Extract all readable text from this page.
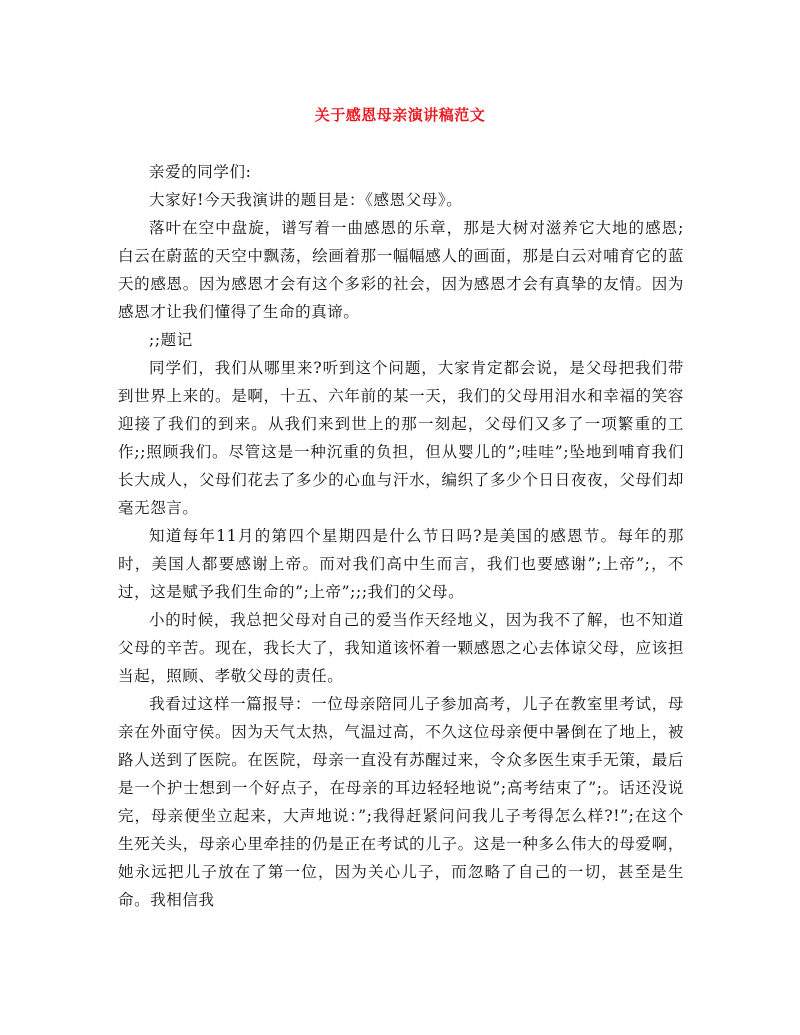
关于感恩母亲演讲稿范文

亲爱的同学们:

大家好!今天我演讲的题目是：《感恩父母》。

落叶在空中盘旋，谱写着一曲感恩的乐章，那是大树对滋养它大地的感恩;白云在蔚蓝的天空中飘荡，绘画着那一幅幅感人的画面，那是白云对哺育它的蓝天的感恩。因为感恩才会有这个多彩的社会，因为感恩才会有真挚的友情。因为感恩才让我们懂得了生命的真谛。

;;题记

同学们，我们从哪里来?听到这个问题，大家肯定都会说，是父母把我们带到世界上来的。是啊，十五、六年前的某一天，我们的父母用泪水和幸福的笑容迎接了我们的到来。从我们来到世上的那一刻起，父母们又多了一项繁重的工作;;照顾我们。尽管这是一种沉重的负担，但从婴儿的”;哇哇”;坠地到哺育我们长大成人，父母们花去了多少的心血与汗水，编织了多少个日日夜夜，父母们却毫无怨言。

知道每年11月的第四个星期四是什么节日吗?是美国的感恩节。每年的那时，美国人都要感谢上帝。而对我们高中生而言，我们也要感谢”;上帝”;，不过，这是赋予我们生命的”;上帝”;;;我们的父母。

小的时候，我总把父母对自己的爱当作天经地义，因为我不了解，也不知道父母的辛苦。现在，我长大了，我知道该怀着一颗感恩之心去体谅父母，应该担当起，照顾、孝敬父母的责任。

我看过这样一篇报导：一位母亲陪同儿子参加高考，儿子在教室里考试，母亲在外面守侯。因为天气太热，气温过高，不久这位母亲便中暑倒在了地上，被路人送到了医院。在医院，母亲一直没有苏醒过来，令众多医生束手无策，最后是一个护士想到一个好点子，在母亲的耳边轻轻地说”;高考结束了”;。话还没说完，母亲便坐立起来，大声地说：”;我得赶紧问问我儿子考得怎么样?!”;在这个生死关头，母亲心里牵挂的仍是正在考试的儿子。这是一种多么伟大的母爱啊，她永远把儿子放在了第一位，因为关心儿子，而忽略了自己的一切，甚至是生命。我相信我
